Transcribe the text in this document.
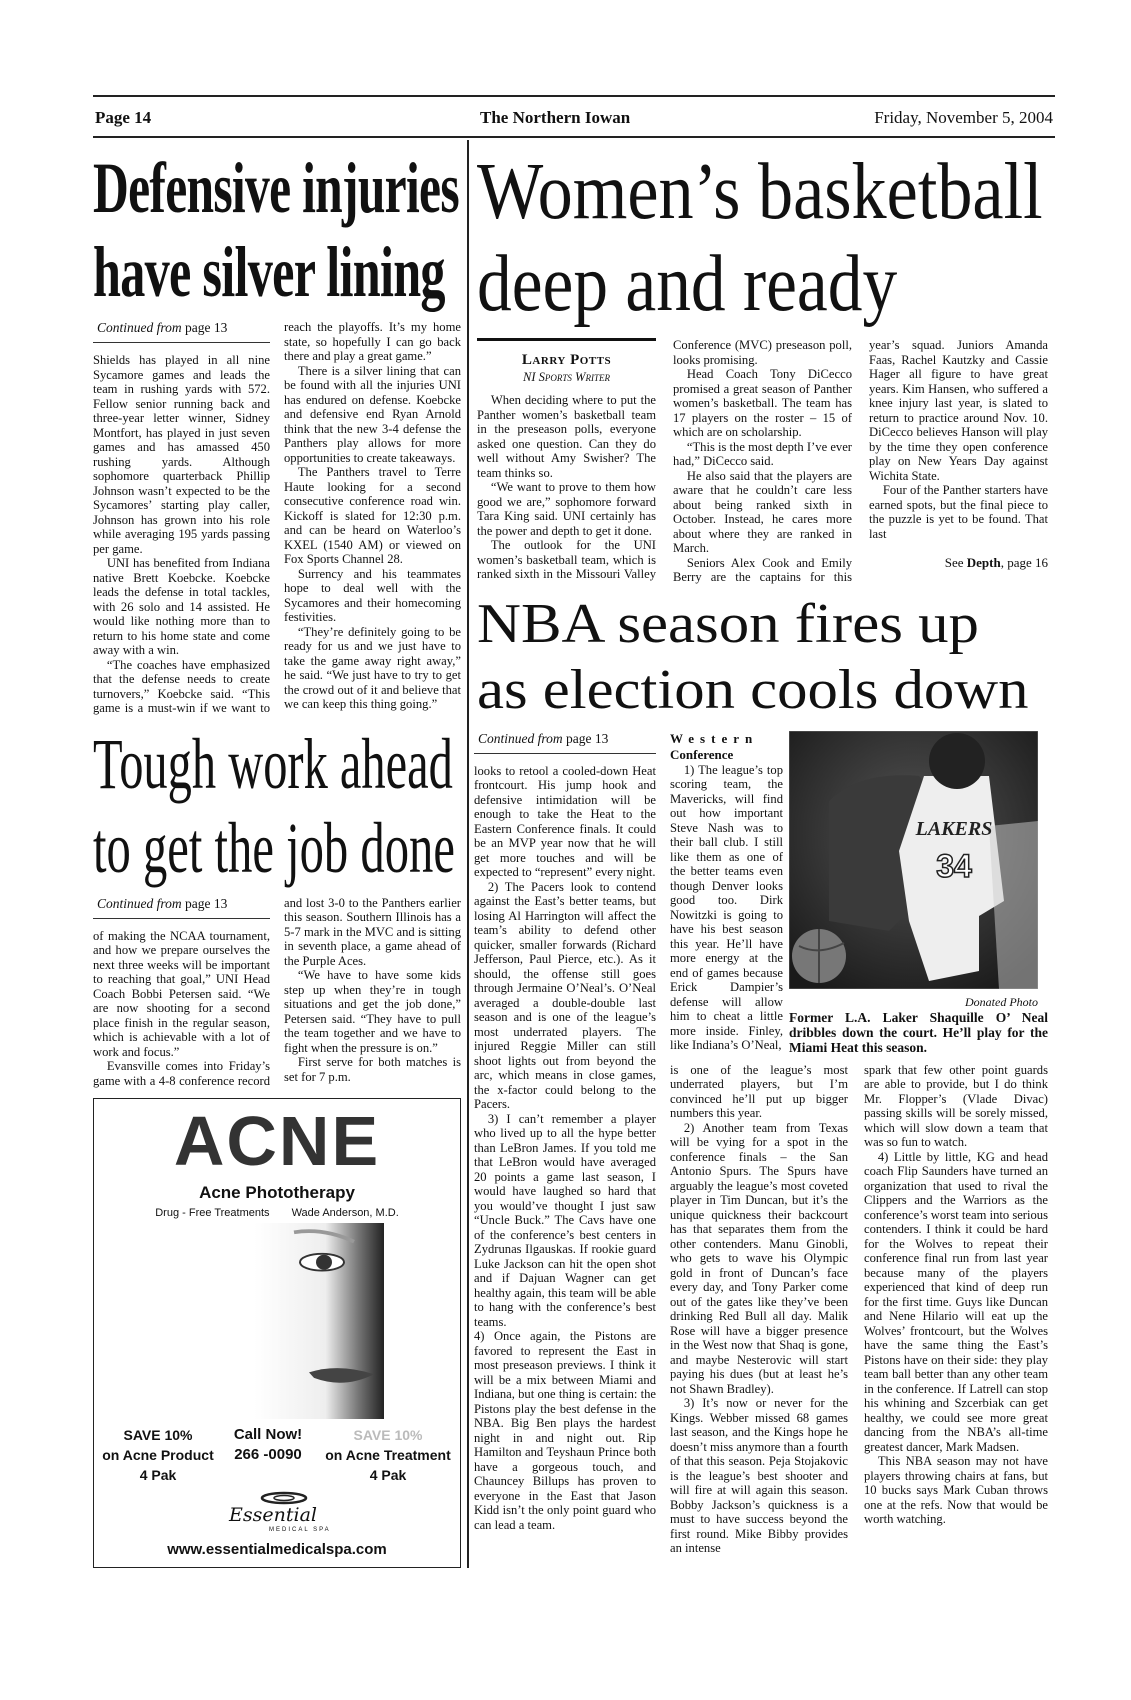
Page 14	The Northern Iowan	Friday, November 5, 2004
Defensive injuries
have silver lining
Continued from page 13

Shields has played in all nine Sycamore games and leads the team in rushing yards with 572. Fellow senior running back and three-year letter winner, Sidney Montfort, has played in just seven games and has amassed 450 rushing yards. Although sophomore quarterback Phillip Johnson wasn’t expected to be the Sycamores’ starting play caller, Johnson has grown into his role while averaging 195 yards passing per game.

UNI has benefited from Indiana native Brett Koebcke. Koebcke leads the defense in total tackles, with 26 solo and 14 assisted. He would like nothing more than to return to his home state and come away with a win.

“The coaches have emphasized that the defense needs to create turnovers,” Koebcke said. “This game is a must-win if we want to reach the playoffs. It’s my home state, so hopefully I can go back there and play a great game.”

There is a silver lining that can be found with all the injuries UNI has endured on defense. Koebcke and defensive end Ryan Arnold think that the new 3-4 defense the Panthers play allows for more opportunities to create takeaways.

The Panthers travel to Terre Haute looking for a second consecutive conference road win. Kickoff is slated for 12:30 p.m. and can be heard on Waterloo’s KXEL (1540 AM) or viewed on Fox Sports Channel 28.

Surrency and his teammates hope to deal well with the Sycamores and their homecoming festivities.

“They’re definitely going to be ready for us and we just have to take the game away right away,” he said. “We just have to try to get the crowd out of it and believe that we can keep this thing going.”

Tough work ahead
to get the job done
Continued from page 13

of making the NCAA tournament, and how we prepare ourselves the next three weeks will be important to reaching that goal,” UNI Head Coach Bobbi Petersen said. “We are now shooting for a second place finish in the regular season, which is achievable with a lot of work and focus.”

Evansville comes into Friday’s game with a 4-8 conference record and lost 3-0 to the Panthers earlier this season. Southern Illinois has a 5-7 mark in the MVC and is sitting in seventh place, a game ahead of the Purple Aces.

“We have to have some kids step up when they’re in tough situations and get the job done,” Petersen said. “They have to pull the team together and we have to fight when the pressure is on.”

First serve for both matches is set for 7 p.m.

ACNE
Acne Phototherapy
Drug - Free Treatments Wade Anderson, M.D.
SAVE 10%
on Acne Product
4 Pak
Call Now!
266 -0090
SAVE 10%
on Acne Treatment
4 Pak
Essential
MEDICAL SPA
www.essentialmedicalspa.com
Women’s basketball
deep and ready
Larry Potts
NI Sports Writer

When deciding where to put the Panther women’s basketball team in the preseason polls, everyone asked one question. Can they do well without Amy Swisher? The team thinks so.

“We want to prove to them how good we are,” sophomore forward Tara King said. UNI certainly has the power and depth to get it done.

The outlook for the UNI women’s basketball team, which is ranked sixth in the Missouri Valley Conference (MVC) preseason poll, looks promising.

Head Coach Tony DiCecco promised a great season of Panther women’s basketball. The team has 17 players on the roster – 15 of which are on scholarship.

“This is the most depth I’ve ever had,” DiCecco said.

He also said that the players are aware that he couldn’t care less about being ranked sixth in October. Instead, he cares more about where they are ranked in March.

Seniors Alex Cook and Emily Berry are the captains for this year’s squad. Juniors Amanda Faas, Rachel Kautzky and Cassie Hager all figure to have great years. Kim Hansen, who suffered a knee injury last year, is slated to return to practice around Nov. 10. DiCecco believes Hanson will play by the time they open conference play on New Years Day against Wichita State.

Four of the Panther starters have earned spots, but the final piece to the puzzle is yet to be found. That last

See Depth, page 16
NBA season fires up
as election cools down
Continued from page 13

looks to retool a cooled-down Heat frontcourt. His jump hook and defensive intimidation will be enough to take the Heat to the Eastern Conference finals. It could be an MVP year now that he will get more touches and will be expected to “represent” every night.

2) The Pacers look to contend against the East’s better teams, but losing Al Harrington will affect the team’s ability to defend other quicker, smaller forwards (Richard Jefferson, Paul Pierce, etc.). As it should, the offense still goes through Jermaine O’Neal’s. O’Neal averaged a double-double last season and is one of the league’s most underrated players. The injured Reggie Miller can still shoot lights out from beyond the arc, which means in close games, the x-factor could belong to the Pacers.

3) I can’t remember a player who lived up to all the hype better than LeBron James. If you told me that LeBron would have averaged 20 points a game last season, I would have laughed so hard that you would’ve thought I just saw “Uncle Buck.” The Cavs have one of the conference’s best centers in Zydrunas Ilgauskas. If rookie guard Luke Jackson can hit the open shot and if Dajuan Wagner can get healthy again, this team will be able to hang with the conference’s best teams.

4) Once again, the Pistons are favored to represent the East in most preseason previews. I think it will be a mix between Miami and Indiana, but one thing is certain: the Pistons play the best defense in the NBA. Big Ben plays the hardest night in and night out. Rip Hamilton and Teyshaun Prince both have a gorgeous touch, and Chauncey Billups has proven to everyone in the East that Jason Kidd isn’t the only point guard who can lead a team.

Western
Conference

1) The league’s top scoring team, the Mavericks, will find out how important Steve Nash was to their ball club. I still like them as one of the better teams even though Denver looks good too. Dirk Nowitzki is going to have his best season this year. He’ll have more energy at the end of games because Erick Dampier’s defense will allow him to cheat a little more inside. Finley, like Indiana’s O’Neal,

LAKERS
34
Donated Photo
Former L.A. Laker Shaquille O’ Neal dribbles down the court. He’ll play for the Miami Heat this season.

is one of the league’s most underrated players, but I’m convinced he’ll put up bigger numbers this year.

2) Another team from Texas will be vying for a spot in the conference finals – the San Antonio Spurs. The Spurs have arguably the league’s most coveted player in Tim Duncan, but it’s the unique quickness their backcourt has that separates them from the other contenders. Manu Ginobli, who gets to wave his Olympic gold in front of Duncan’s face every day, and Tony Parker come out of the gates like they’ve been drinking Red Bull all day. Malik Rose will have a bigger presence in the West now that Shaq is gone, and maybe Nesterovic will start paying his dues (but at least he’s not Shawn Bradley).

3) It’s now or never for the Kings. Webber missed 68 games last season, and the Kings hope he doesn’t miss anymore than a fourth of that this season. Peja Stojakovic is the league’s best shooter and will fire at will again this season. Bobby Jackson’s quickness is a must to have success beyond the first round. Mike Bibby provides an intense

spark that few other point guards are able to provide, but I do think Mr. Flopper’s (Vlade Divac) passing skills will be sorely missed, which will slow down a team that was so fun to watch.

4) Little by little, KG and head coach Flip Saunders have turned an organization that used to rival the Clippers and the Warriors as the conference’s worst team into serious contenders. I think it could be hard for the Wolves to repeat their conference final run from last year because many of the players experienced that kind of deep run for the first time. Guys like Duncan and Nene Hilario will eat up the Wolves’ frontcourt, but the Wolves have the same thing the East’s Pistons have on their side: they play team ball better than any other team in the conference. If Latrell can stop his whining and Szcerbiak can get healthy, we could see more great dancing from the NBA’s all-time greatest dancer, Mark Madsen.

This NBA season may not have players throwing chairs at fans, but 10 bucks says Mark Cuban throws one at the refs. Now that would be worth watching.
